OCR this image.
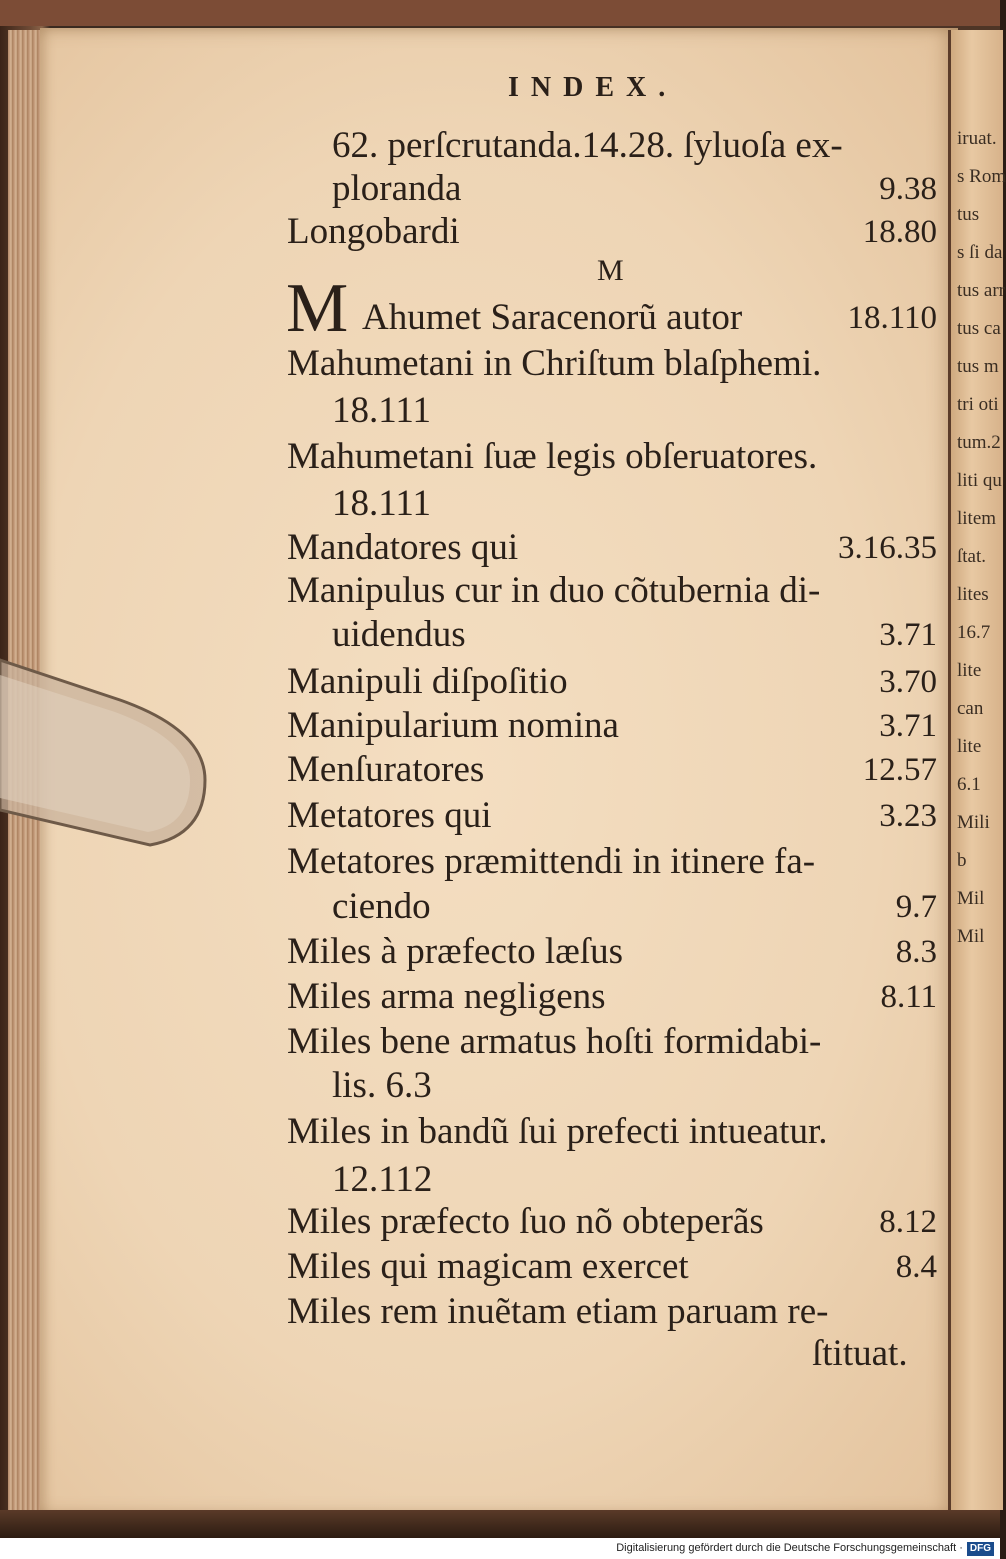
iruat.
s Rom
tus
s ſi da
tus arr
tus ca
tus m
tri oti
tum.2
liti qu
litem
ſtat.
lites
16.7
lite
can
lite
6.1
Mili
b
Mil
Mil
INDEX.
62. perſcrutanda.14.28. ſyluoſa ex-
ploranda	9.38
Longobardi	18.80
M
M Ahumet Saracenorũ autor	18.110
Mahumetani in Chriſtum blaſphemi.
18.111
Mahumetani ſuæ legis obſeruatores.
18.111
Mandatores qui	3.16.35
Manipulus cur in duo cõtubernia di-
uidendus	3.71
Manipuli diſpoſitio	3.70
Manipularium nomina	3.71
Menſuratores	12.57
Metatores qui	3.23
Metatores præmittendi in itinere fa-
ciendo	9.7
Miles à præfecto læſus	8.3
Miles arma negligens	8.11
Miles bene armatus hoſti formidabi-
lis. 6.3
Miles in bandũ ſui prefecti intueatur.
12.112
Miles præfecto ſuo nõ obteperãs	8.12
Miles qui magicam exercet	8.4
Miles rem inuẽtam etiam paruam re-
ſtituat.
Digitalisierung gefördert durch die Deutsche Forschungsgemeinschaft · DFG
